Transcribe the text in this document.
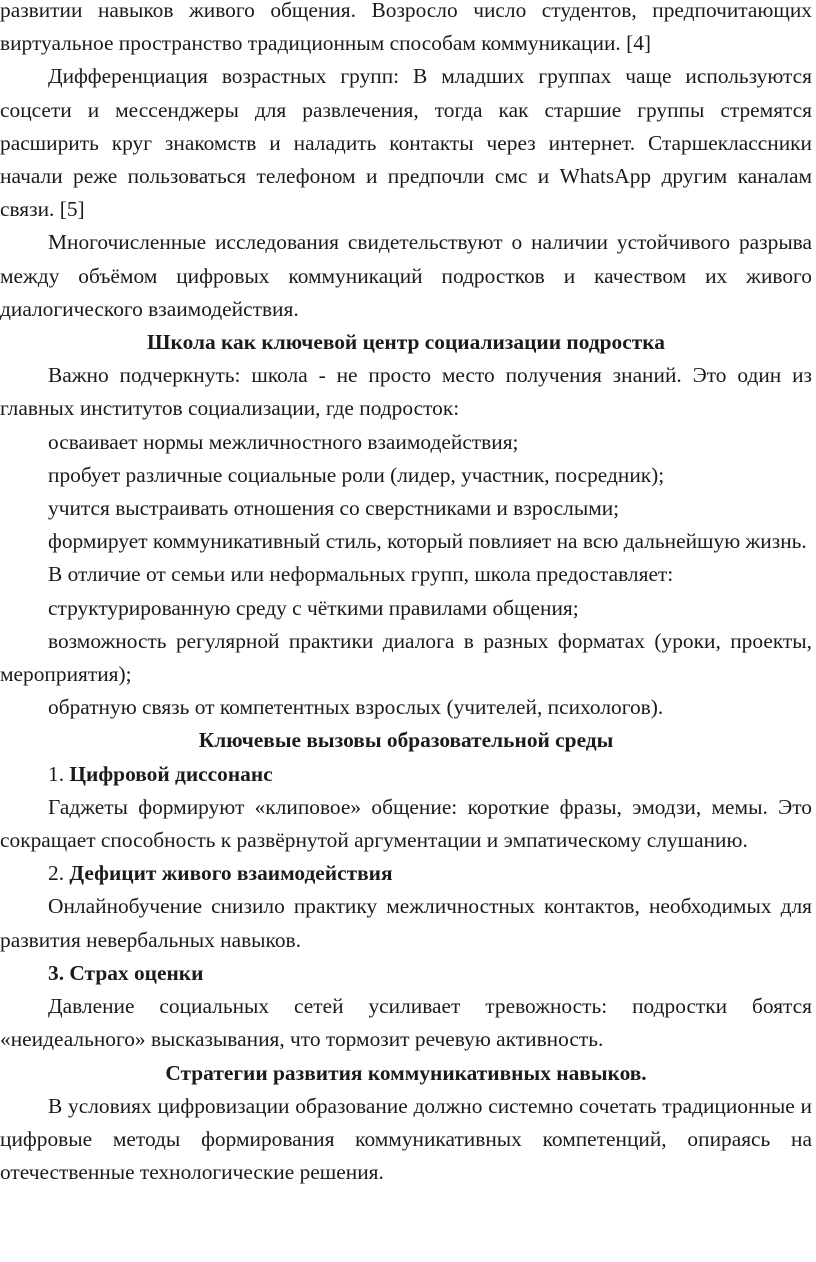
развитии навыков живого общения. Возросло число студентов, предпочитающих виртуальное пространство традиционным способам коммуникации. [4]

Дифференциация возрастных групп: В младших группах чаще используются соцсети и мессенджеры для развлечения, тогда как старшие группы стремятся расширить круг знакомств и наладить контакты через интернет. Старшеклассники начали реже пользоваться телефоном и предпочли смс и WhatsApp другим каналам связи. [5]

Многочисленные исследования свидетельствуют о наличии устойчивого разрыва между объёмом цифровых коммуникаций подростков и качеством их живого диалогического взаимодействия.

Школа как ключевой центр социализации подростка

Важно подчеркнуть: школа - не просто место получения знаний. Это один из главных институтов социализации, где подросток:

осваивает нормы межличностного взаимодействия;

пробует различные социальные роли (лидер, участник, посредник);

учится выстраивать отношения со сверстниками и взрослыми;

формирует коммуникативный стиль, который повлияет на всю дальнейшую жизнь.

В отличие от семьи или неформальных групп, школа предоставляет:

структурированную среду с чёткими правилами общения;

возможность регулярной практики диалога в разных форматах (уроки, проекты, мероприятия);

обратную связь от компетентных взрослых (учителей, психологов).

Ключевые вызовы образовательной среды

1. Цифровой диссонанс

Гаджеты формируют «клиповое» общение: короткие фразы, эмодзи, мемы. Это сокращает способность к развёрнутой аргументации и эмпатическому слушанию.

2. Дефицит живого взаимодействия

Онлайнобучение снизило практику межличностных контактов, необходимых для развития невербальных навыков.

3. Страх оценки

Давление социальных сетей усиливает тревожность: подростки боятся «неидеального» высказывания, что тормозит речевую активность.

Стратегии развития коммуникативных навыков.

В условиях цифровизации образование должно системно сочетать традиционные и цифровые методы формирования коммуникативных компетенций, опираясь на отечественные технологические решения.
